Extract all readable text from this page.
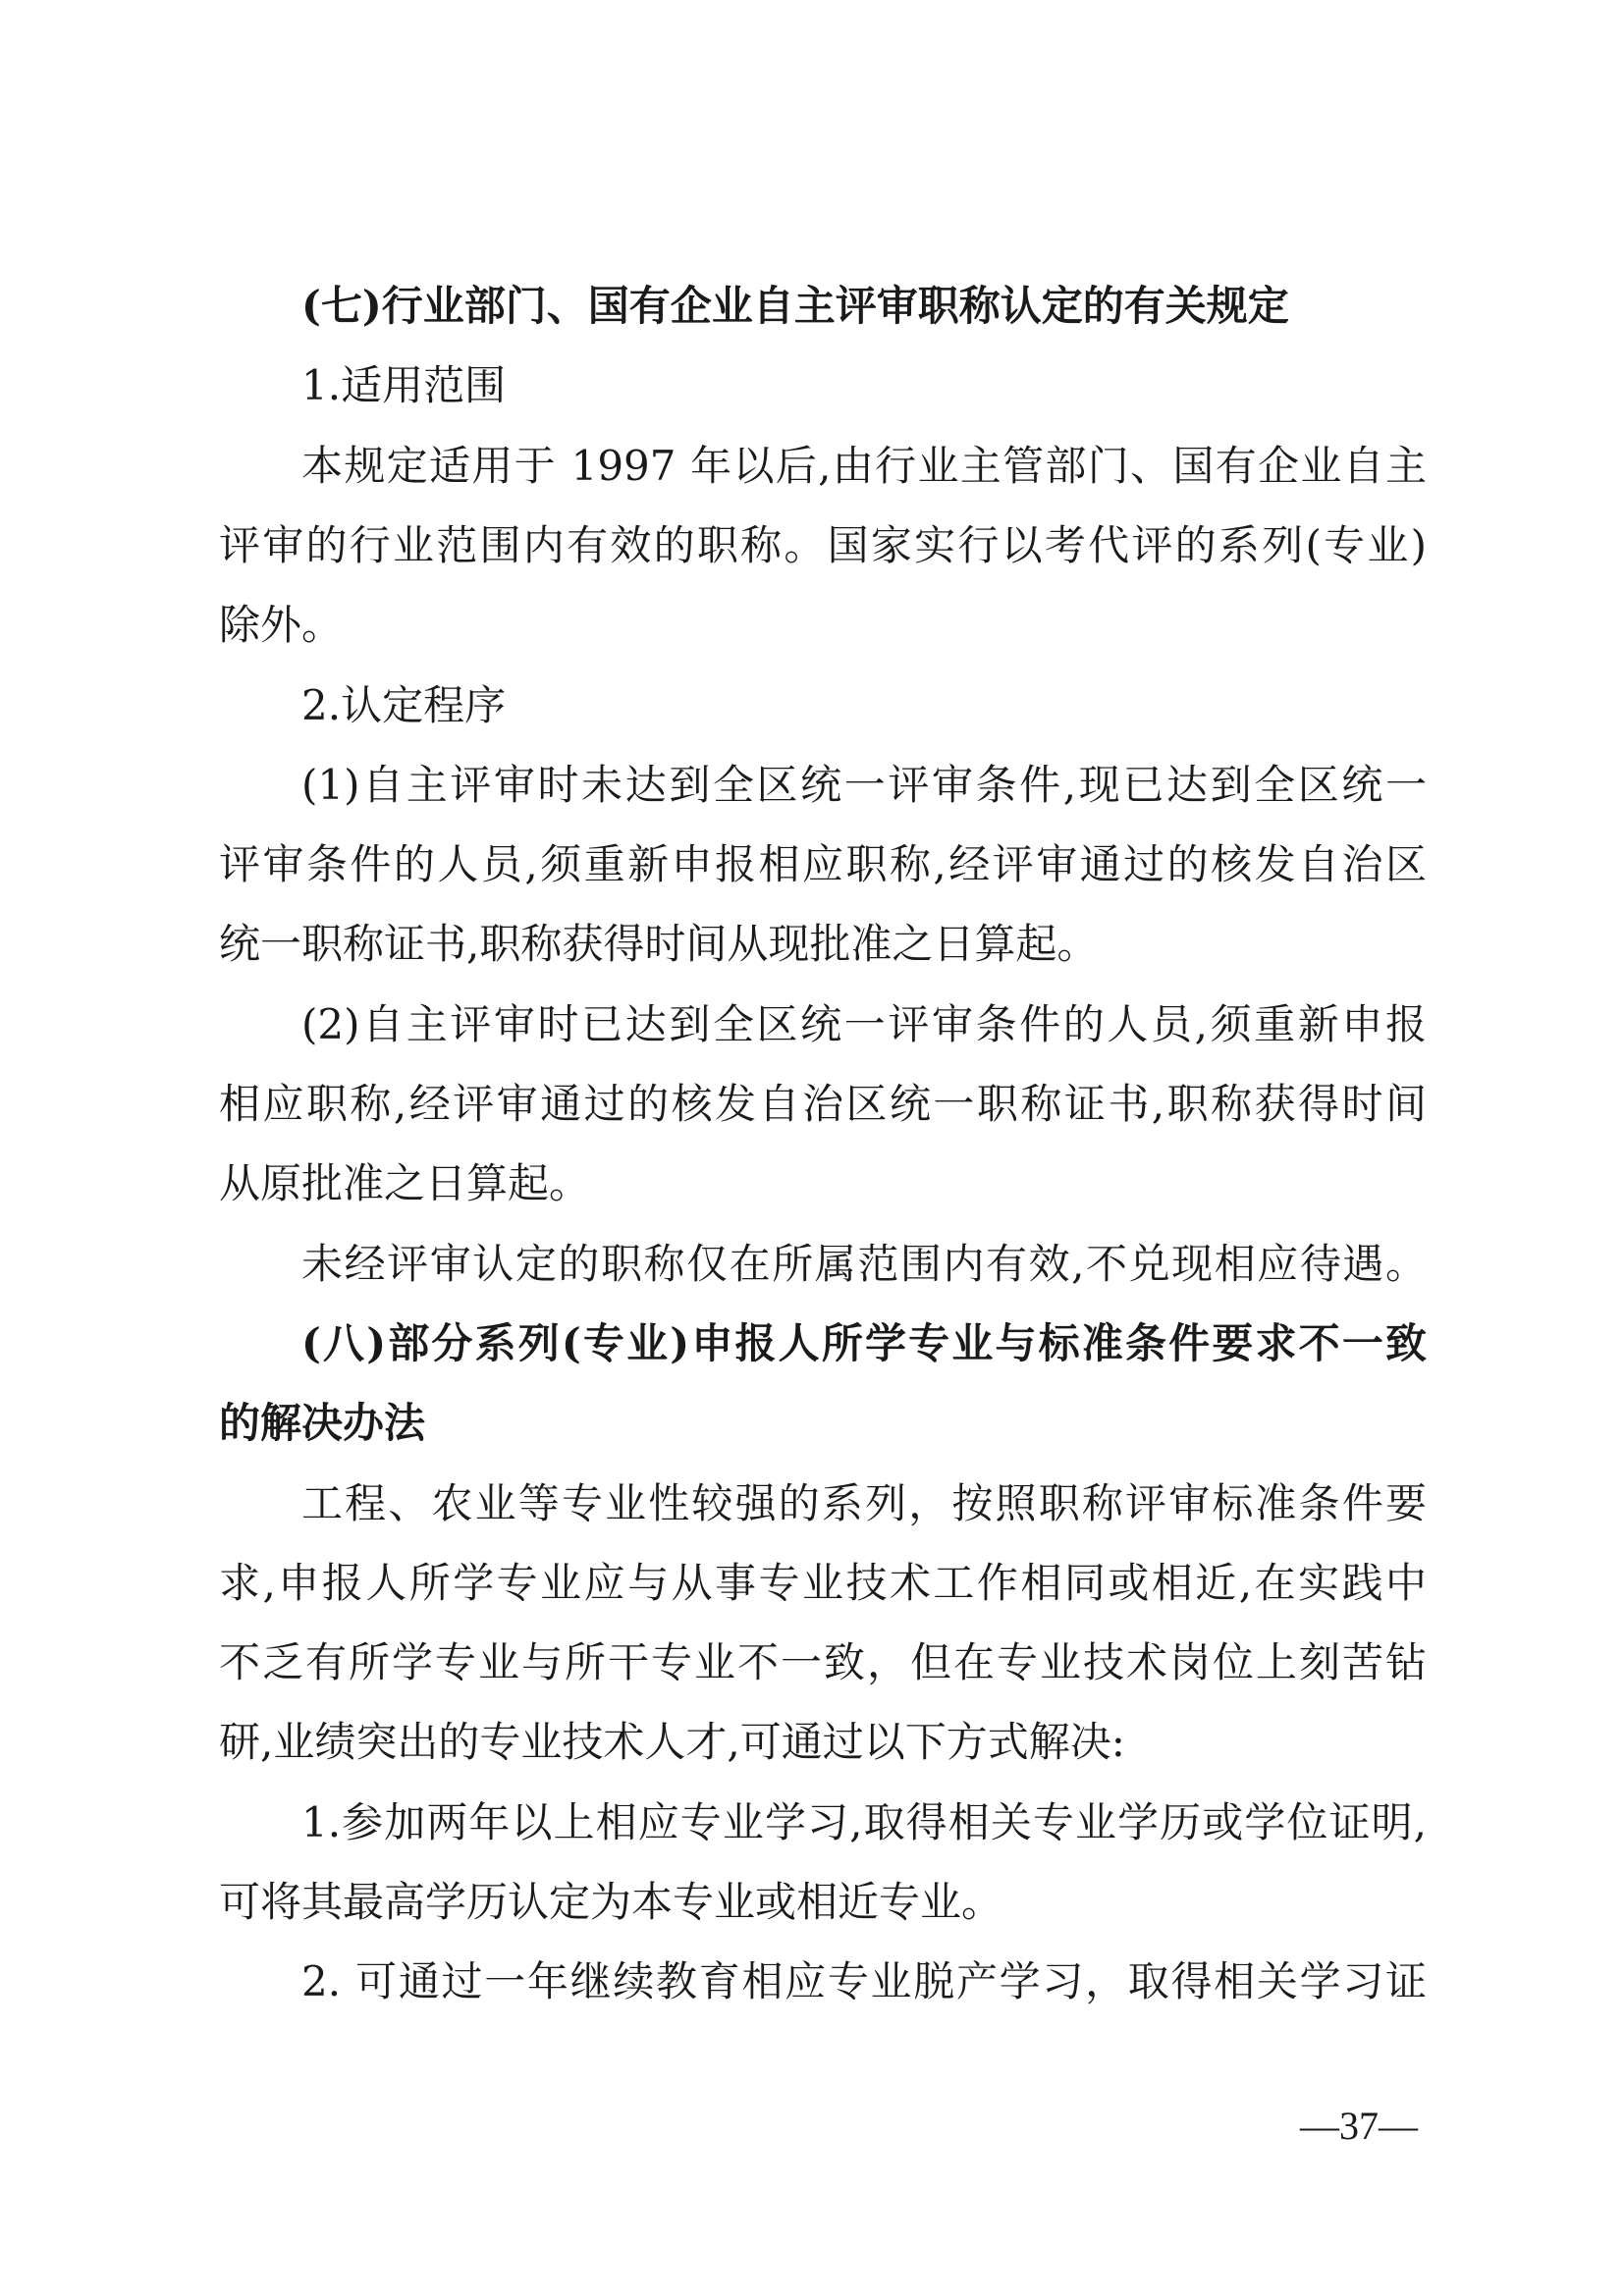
(七)行业部门、国有企业自主评审职称认定的有关规定
1.适用范围
本规定适用于 1997 年以后,由行业主管部门、国有企业自主
评审的行业范围内有效的职称。国家实行以考代评的系列(专业)
除外。
2.认定程序
(1)自主评审时未达到全区统一评审条件,现已达到全区统一
评审条件的人员,须重新申报相应职称,经评审通过的核发自治区
统一职称证书,职称获得时间从现批准之日算起。
(2)自主评审时已达到全区统一评审条件的人员,须重新申报
相应职称,经评审通过的核发自治区统一职称证书,职称获得时间
从原批准之日算起。
未经评审认定的职称仅在所属范围内有效,不兑现相应待遇。
(八)部分系列(专业)申报人所学专业与标准条件要求不一致
的解决办法
工程、农业等专业性较强的系列，按照职称评审标准条件要
求,申报人所学专业应与从事专业技术工作相同或相近,在实践中
不乏有所学专业与所干专业不一致，但在专业技术岗位上刻苦钻
研,业绩突出的专业技术人才,可通过以下方式解决:
1.参加两年以上相应专业学习,取得相关专业学历或学位证明,
可将其最高学历认定为本专业或相近专业。
2. 可通过一年继续教育相应专业脱产学习，取得相关学习证
—37—
